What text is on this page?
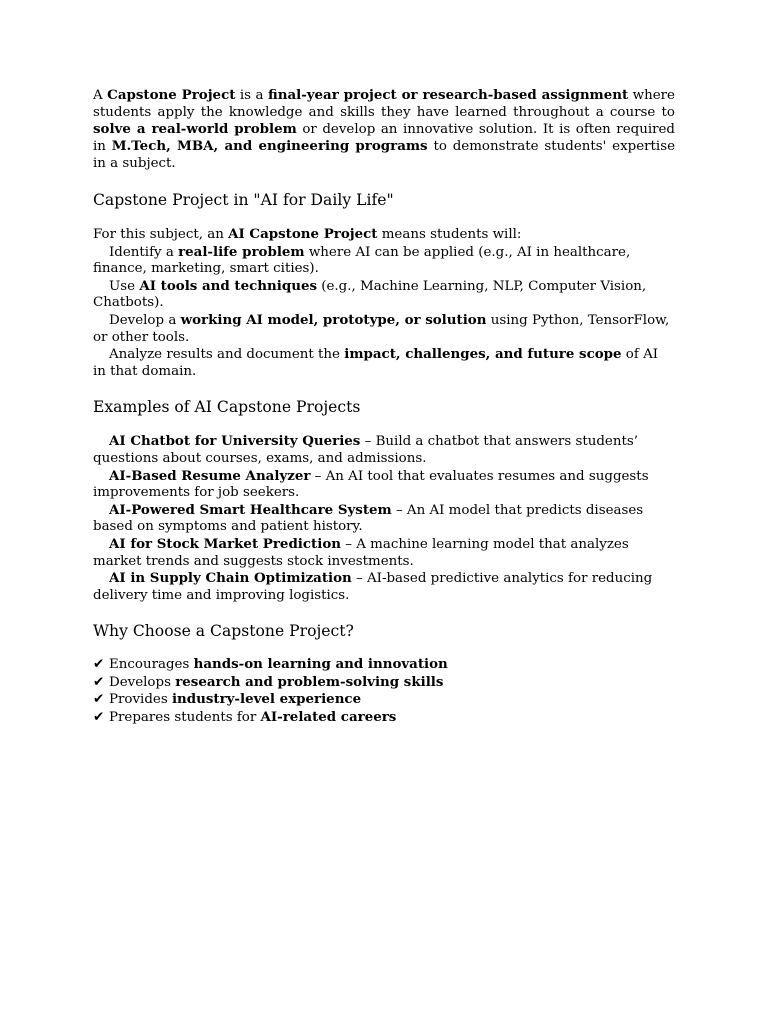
A Capstone Project is a final-year project or research-based assignment where students apply the knowledge and skills they have learned throughout a course to solve a real-world problem or develop an innovative solution. It is often required in M.Tech, MBA, and engineering programs to demonstrate students' expertise in a subject.

Capstone Project in "AI for Daily Life"
For this subject, an AI Capstone Project means students will:
Identify a real-life problem where AI can be applied (e.g., AI in healthcare, finance, marketing, smart cities).
Use AI tools and techniques (e.g., Machine Learning, NLP, Computer Vision, Chatbots).
Develop a working AI model, prototype, or solution using Python, TensorFlow, or other tools.
Analyze results and document the impact, challenges, and future scope of AI in that domain.
Examples of AI Capstone Projects
AI Chatbot for University Queries – Build a chatbot that answers students’ questions about courses, exams, and admissions.
AI-Based Resume Analyzer – An AI tool that evaluates resumes and suggests improvements for job seekers.
AI-Powered Smart Healthcare System – An AI model that predicts diseases based on symptoms and patient history.
AI for Stock Market Prediction – A machine learning model that analyzes market trends and suggests stock investments.
AI in Supply Chain Optimization – AI-based predictive analytics for reducing delivery time and improving logistics.
Why Choose a Capstone Project?
✔ Encourages hands-on learning and innovation
✔ Develops research and problem-solving skills
✔ Provides industry-level experience
✔ Prepares students for AI-related careers
